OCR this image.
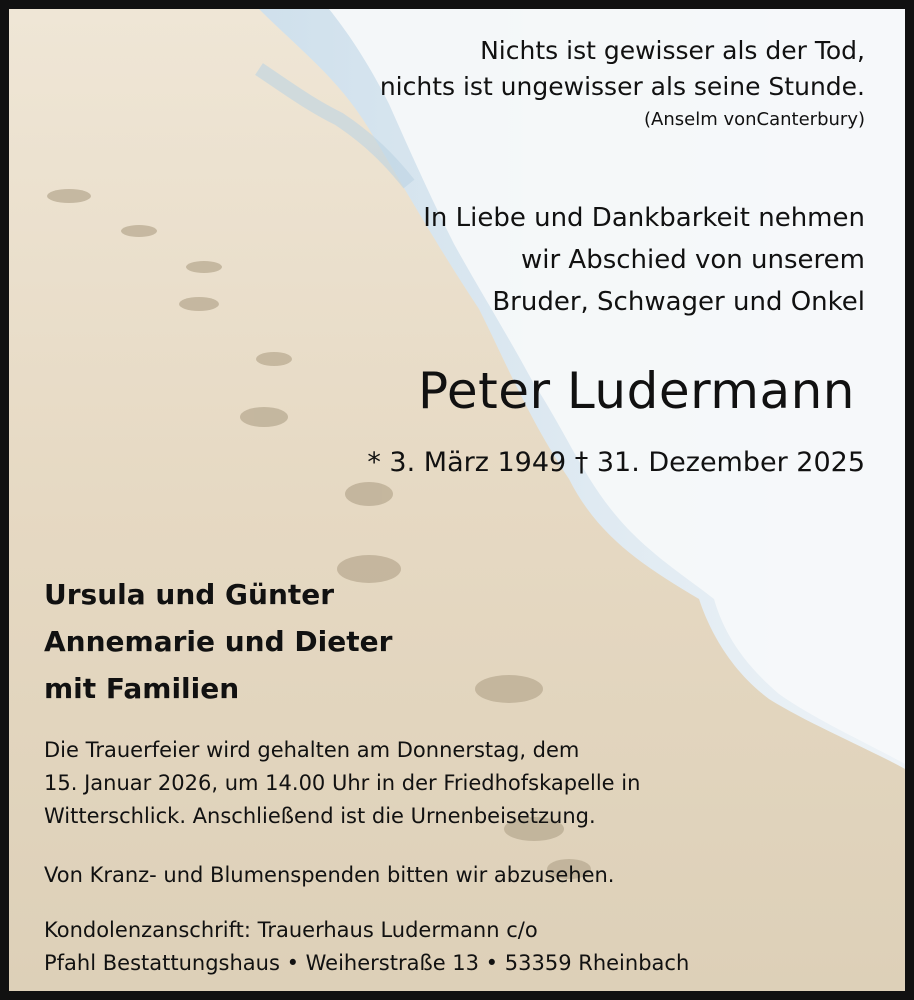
Nichts ist gewisser als der Tod,
nichts ist ungewisser als seine Stunde.
(Anselm vonCanterbury)
In Liebe und Dankbarkeit nehmen
wir Abschied von unserem
Bruder, Schwager und Onkel
Peter Ludermann
* 3. März 1949 † 31. Dezember 2025
Ursula und Günter
Annemarie und Dieter
mit Familien
Die Trauerfeier wird gehalten am Donnerstag, dem
15. Januar 2026, um 14.00 Uhr in der Friedhofskapelle in
Witterschlick. Anschließend ist die Urnenbeisetzung.
Von Kranz- und Blumenspenden bitten wir abzusehen.
Kondolenzanschrift: Trauerhaus Ludermann c/o
Pfahl Bestattungshaus • Weiherstraße 13 • 53359 Rheinbach
